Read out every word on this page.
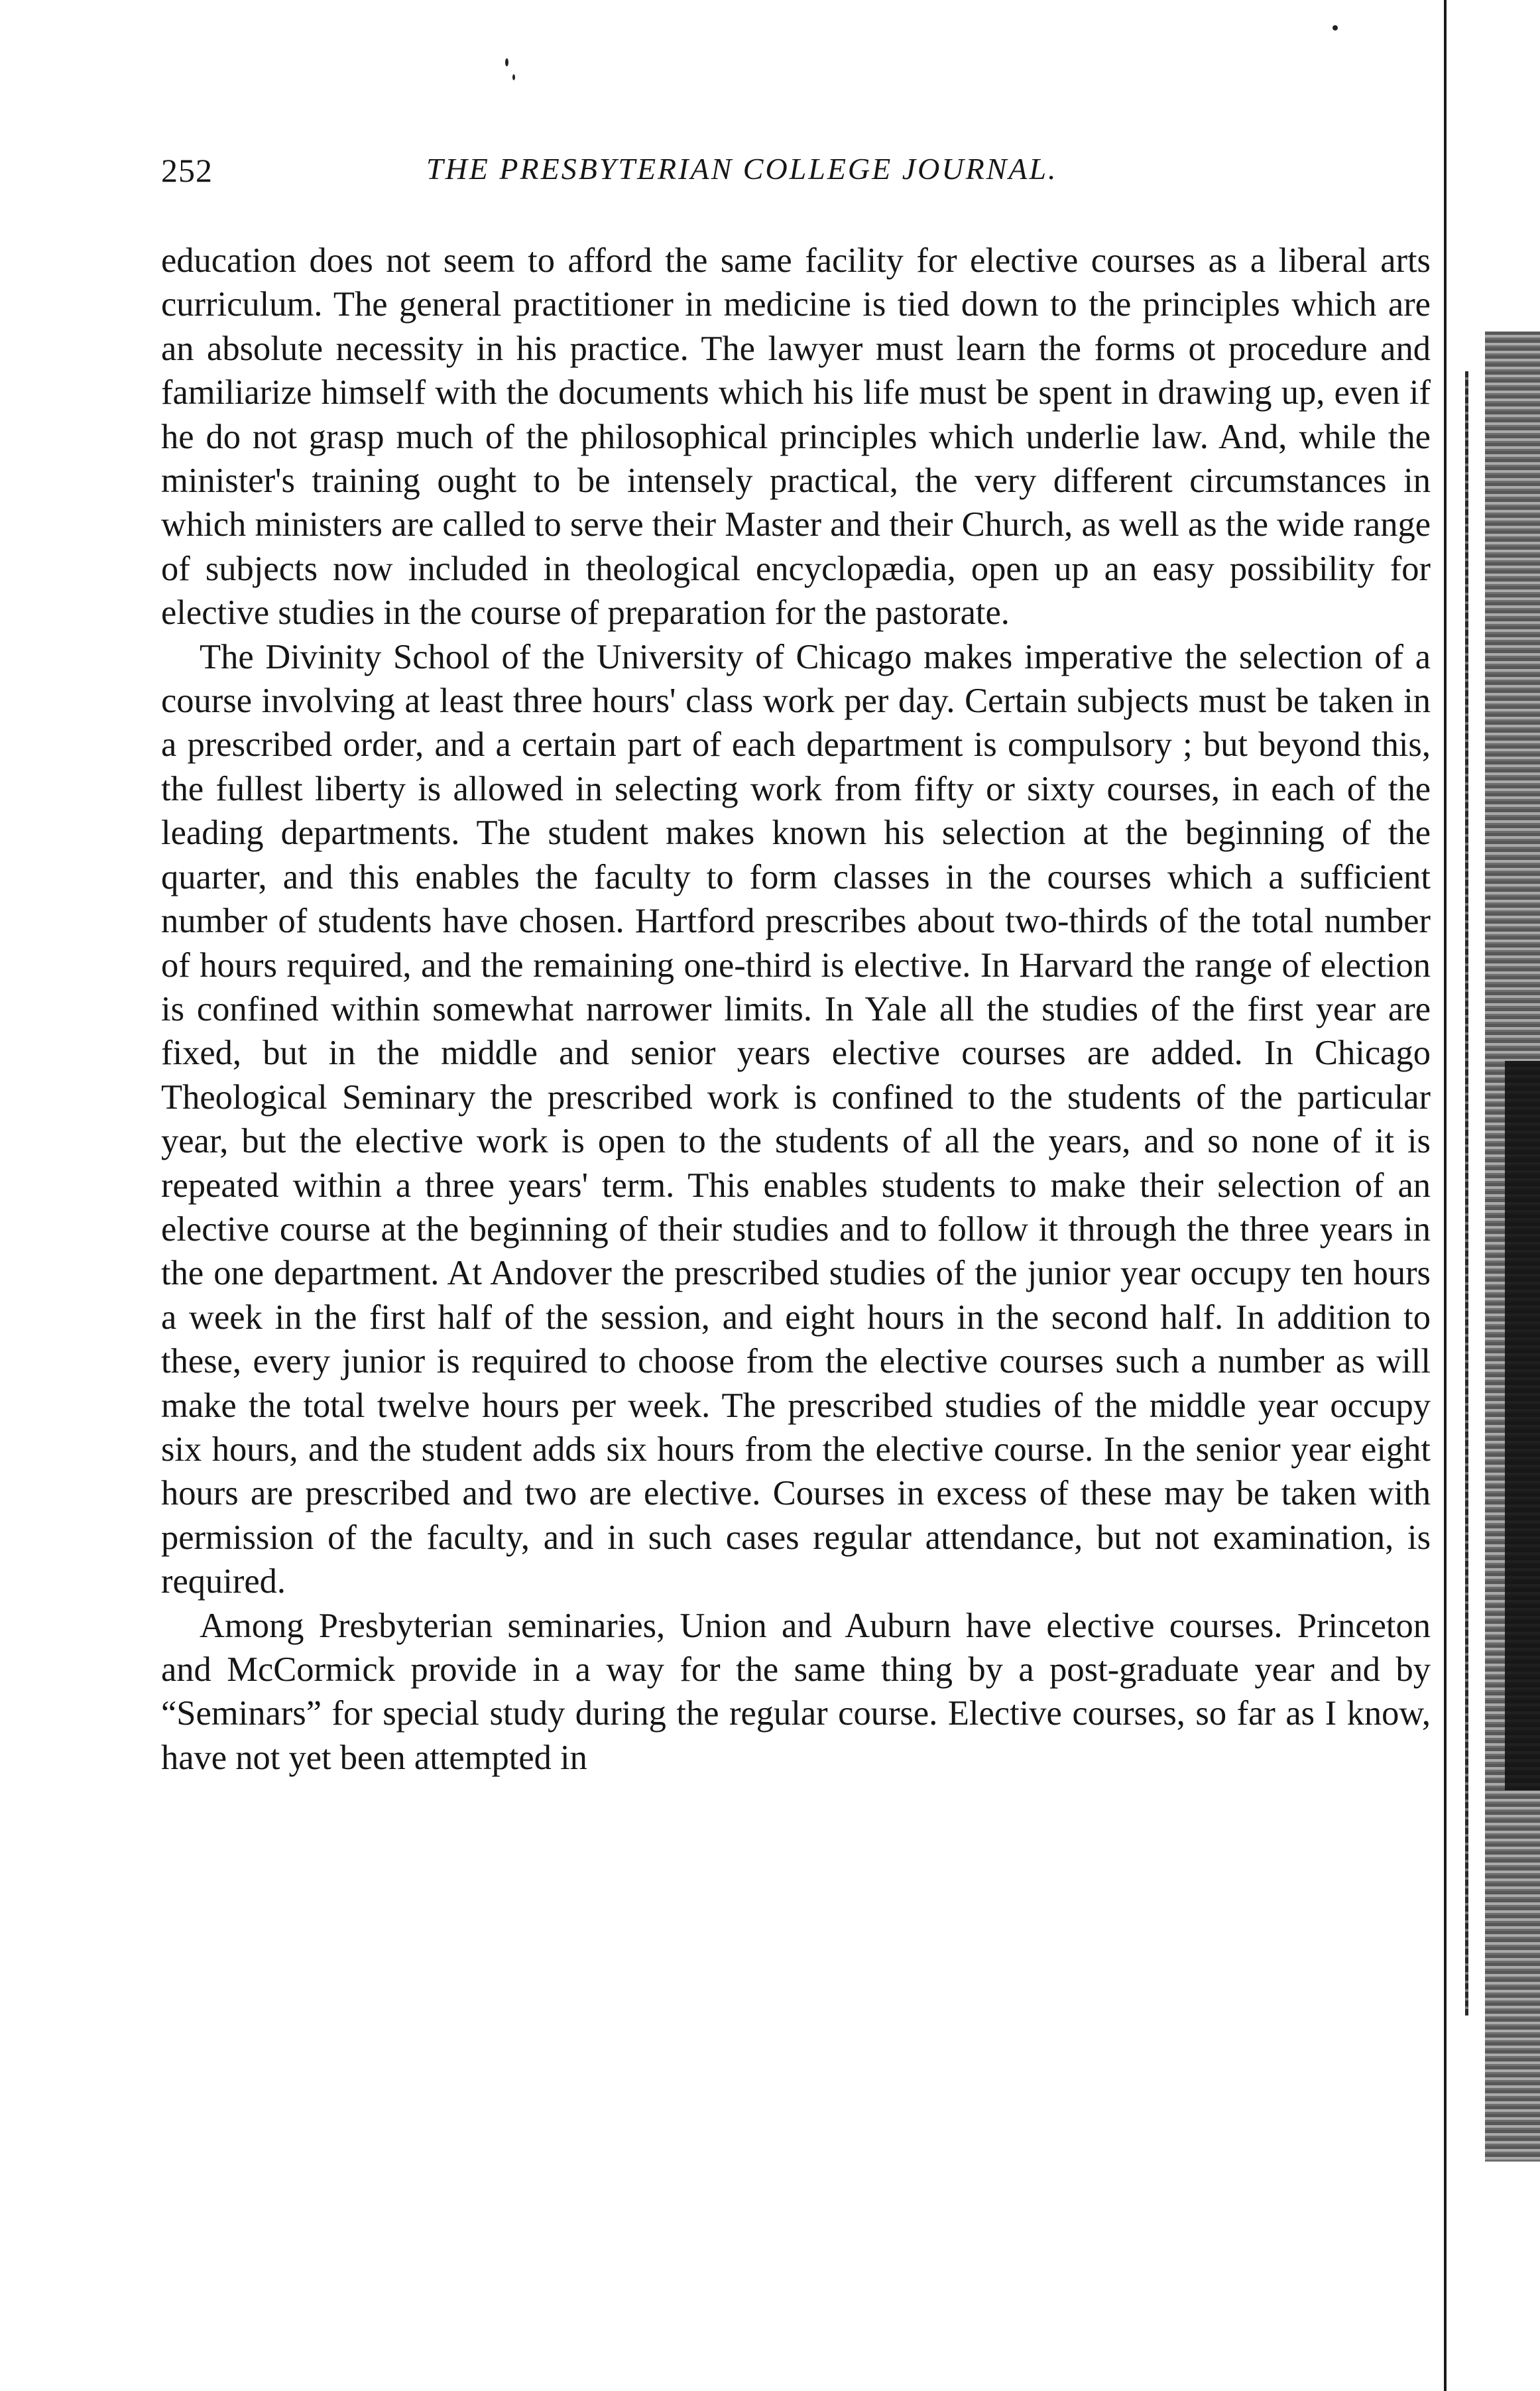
252	THE PRESBYTERIAN COLLEGE JOURNAL.

education does not seem to afford the same facility for elective courses as a liberal arts curriculum. The general practitioner in medicine is tied down to the principles which are an absolute necessity in his practice. The lawyer must learn the forms ot procedure and familiarize himself with the documents which his life must be spent in drawing up, even if he do not grasp much of the philosophical principles which underlie law. And, while the minister's training ought to be intensely practical, the very different circumstances in which ministers are called to serve their Master and their Church, as well as the wide range of subjects now included in theological encyclopædia, open up an easy possibility for elective studies in the course of preparation for the pastorate.

The Divinity School of the University of Chicago makes imperative the selection of a course involving at least three hours' class work per day. Certain subjects must be taken in a prescribed order, and a certain part of each department is compulsory ; but beyond this, the fullest liberty is allowed in selecting work from fifty or sixty courses, in each of the leading departments. The student makes known his selection at the beginning of the quarter, and this enables the faculty to form classes in the courses which a sufficient number of students have chosen. Hartford prescribes about two-thirds of the total number of hours required, and the remaining one-third is elective. In Harvard the range of election is confined within somewhat narrower limits. In Yale all the studies of the first year are fixed, but in the middle and senior years elective courses are added. In Chicago Theological Seminary the prescribed work is confined to the students of the particular year, but the elective work is open to the students of all the years, and so none of it is repeated within a three years' term. This enables students to make their selection of an elective course at the beginning of their studies and to follow it through the three years in the one department. At Andover the prescribed studies of the junior year occupy ten hours a week in the first half of the session, and eight hours in the second half. In addition to these, every junior is required to choose from the elective courses such a number as will make the total twelve hours per week. The prescribed studies of the middle year occupy six hours, and the student adds six hours from the elective course. In the senior year eight hours are prescribed and two are elective. Courses in excess of these may be taken with permission of the faculty, and in such cases regular attendance, but not examination, is required.

Among Presbyterian seminaries, Union and Auburn have elective courses. Princeton and McCormick provide in a way for the same thing by a post-graduate year and by “Seminars” for special study during the regular course. Elective courses, so far as I know, have not yet been attempted in
